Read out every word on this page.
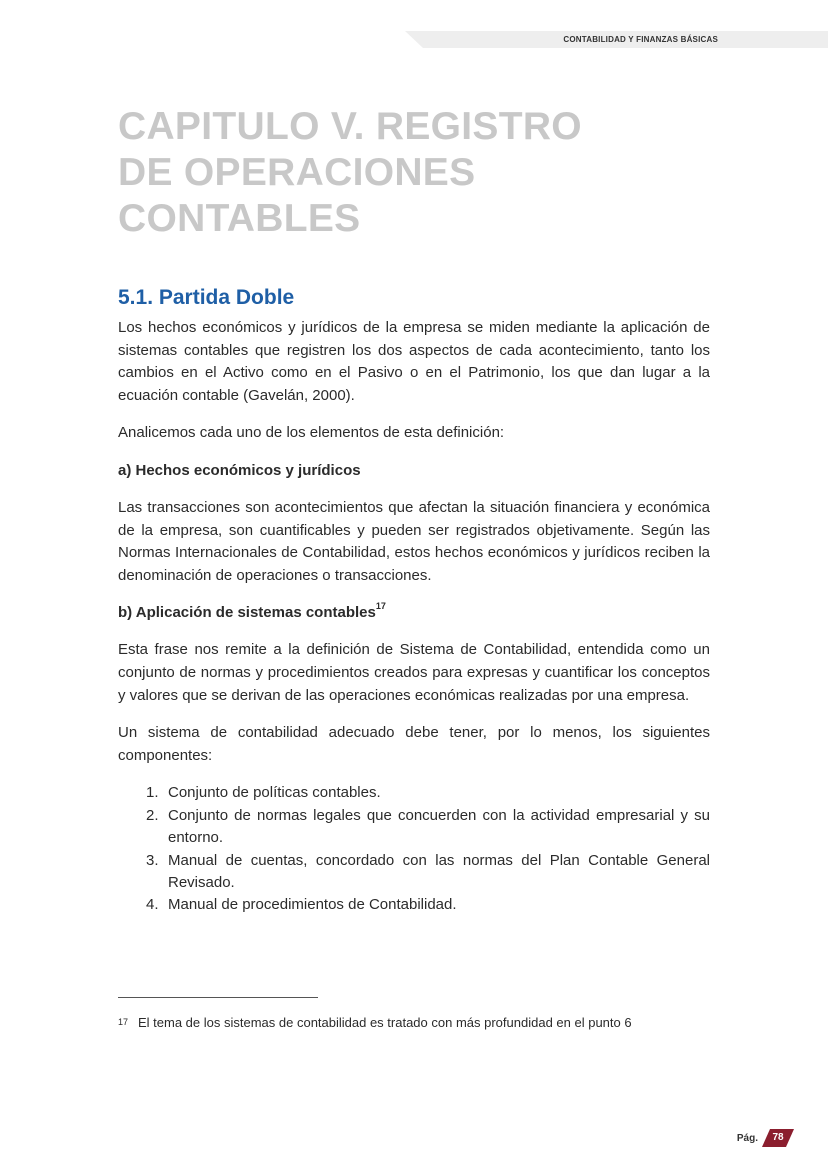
CONTABILIDAD Y FINANZAS BÁSICAS
CAPITULO V. REGISTRO
DE OPERACIONES
CONTABLES
5.1. Partida Doble

Los hechos económicos y jurídicos de la empresa se miden mediante la aplicación de sistemas contables que registren los dos aspectos de cada acontecimiento, tanto los cambios en el Activo como en el Pasivo o en el Patrimonio, los que dan lugar a la ecuación contable (Gavelán, 2000).

Analicemos cada uno de los elementos de esta definición:

a) Hechos económicos y jurídicos

Las transacciones son acontecimientos que afectan la situación financiera y económica de la empresa, son cuantificables y pueden ser registrados objetivamente. Según las Normas Internacionales de Contabilidad, estos hechos económicos y jurídicos reciben la denominación de operaciones o transacciones.

b) Aplicación de sistemas contables$^{17}$

Esta frase nos remite a la definición de Sistema de Contabilidad, entendida como un conjunto de normas y procedimientos creados para expresas y cuantificar los conceptos y valores que se derivan de las operaciones económicas realizadas por una empresa.

Un sistema de contabilidad adecuado debe tener, por lo menos, los siguientes componentes:

1. Conjunto de políticas contables.
2. Conjunto de normas legales que concuerden con la actividad empresarial y su entorno.
3. Manual de cuentas, concordado con las normas del Plan Contable General Revisado.
4. Manual de procedimientos de Contabilidad.
17 El tema de los sistemas de contabilidad es tratado con más profundidad en el punto 6
Pág.	78
